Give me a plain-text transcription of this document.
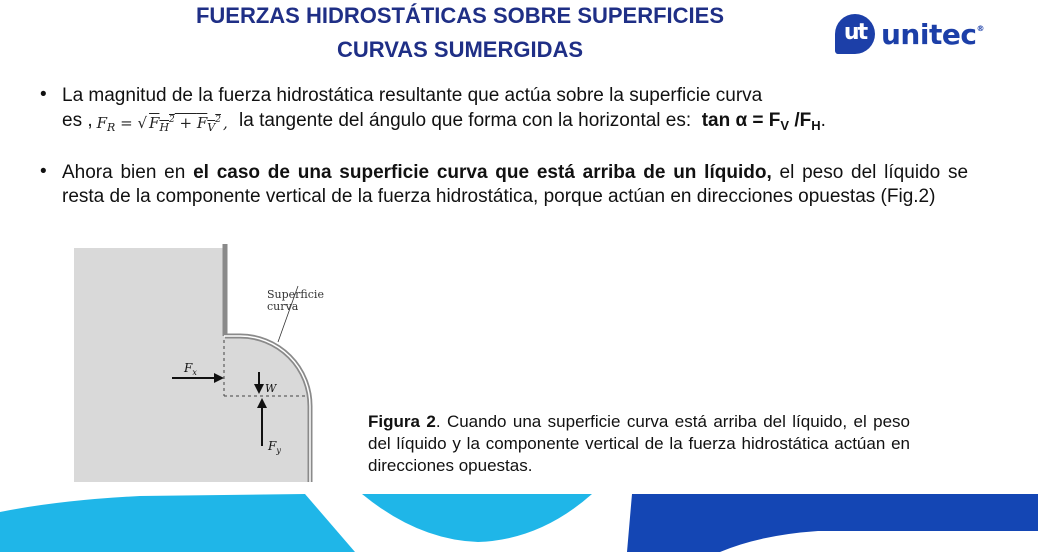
FUERZAS HIDROSTÁTICAS SOBRE SUPERFICIES
CURVAS SUMERGIDAS
ut unitec®
• La magnitud de la fuerza hidrostática resultante que actúa sobre la superficie curva

es , $F_R$ = √ $F_H^2 + F_V^2$ , la tangente del ángulo que forma con la horizontal es:  $\tan \alpha = F_V$ $/F_H$.

• Ahora bien en el caso de una superficie curva que está arriba de un líquido, el peso del líquido se resta de la componente vertical de la fuerza hidrostática, porque actúan en direcciones opuestas (Fig.2)

Superficie
curva
$F_x$
W
$F_y$

Figura 2. Cuando una superficie curva está arriba del líquido, el peso del líquido y la componente vertical de la fuerza hidrostática actúan en direcciones opuestas.
